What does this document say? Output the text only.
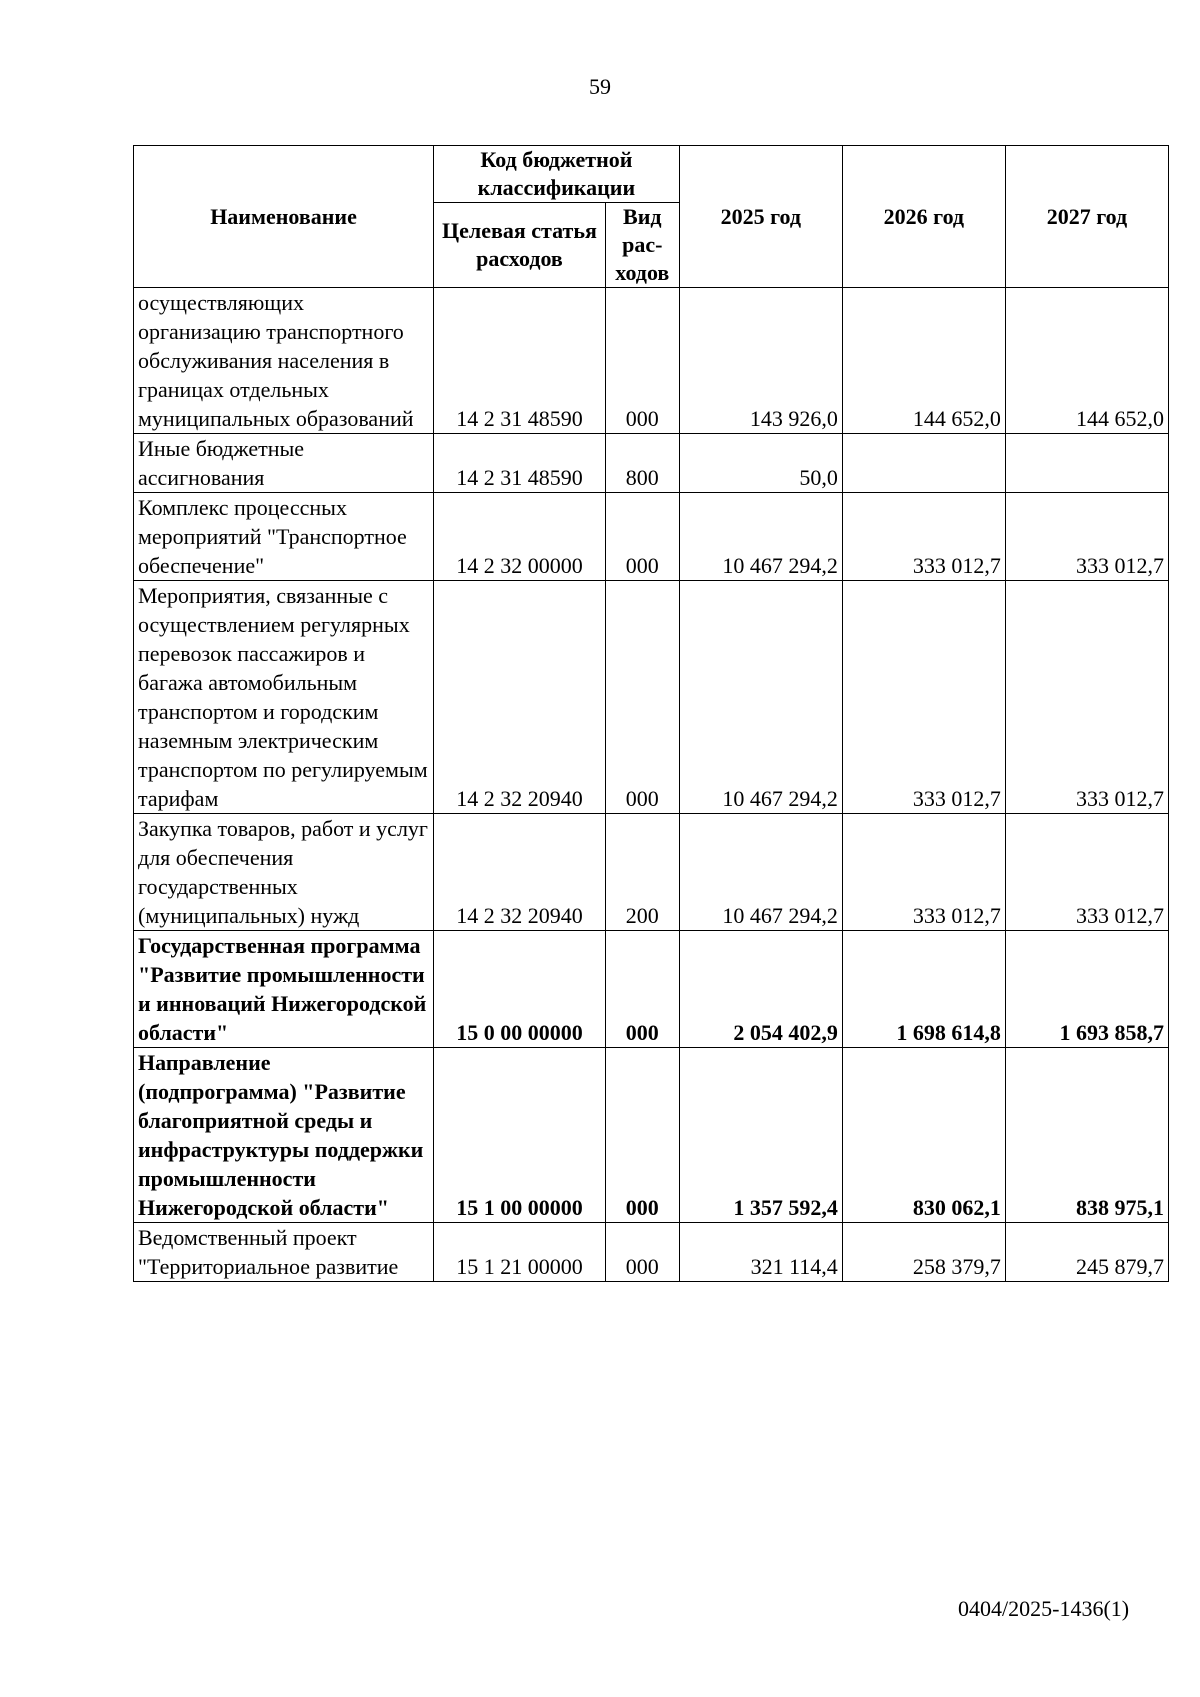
59
Наименование	Код бюджетной классификации		2025 год	2026 год	2027 год
	Целевая статья расходов	Вид рас-ходов			
осуществляющих организацию транспортного обслуживания населения в границах отдельных муниципальных образований	14 2 31 48590	000	143 926,0	144 652,0	144 652,0
Иные бюджетные ассигнования	14 2 31 48590	800	50,0		
Комплекс процессных мероприятий "Транспортное обеспечение"	14 2 32 00000	000	10 467 294,2	333 012,7	333 012,7
Мероприятия, связанные с осуществлением регулярных перевозок пассажиров и багажа автомобильным транспортом и городским наземным электрическим транспортом по регулируемым тарифам	14 2 32 20940	000	10 467 294,2	333 012,7	333 012,7
Закупка товаров, работ и услуг для обеспечения государственных (муниципальных) нужд	14 2 32 20940	200	10 467 294,2	333 012,7	333 012,7
Государственная программа "Развитие промышленности и инноваций Нижегородской области"	15 0 00 00000	000	2 054 402,9	1 698 614,8	1 693 858,7
Направление (подпрограмма) "Развитие благоприятной среды и инфраструктуры поддержки промышленности Нижегородской области"	15 1 00 00000	000	1 357 592,4	830 062,1	838 975,1
Ведомственный проект "Территориальное развитие	15 1 21 00000	000	321 114,4	258 379,7	245 879,7
0404/2025-1436(1)
